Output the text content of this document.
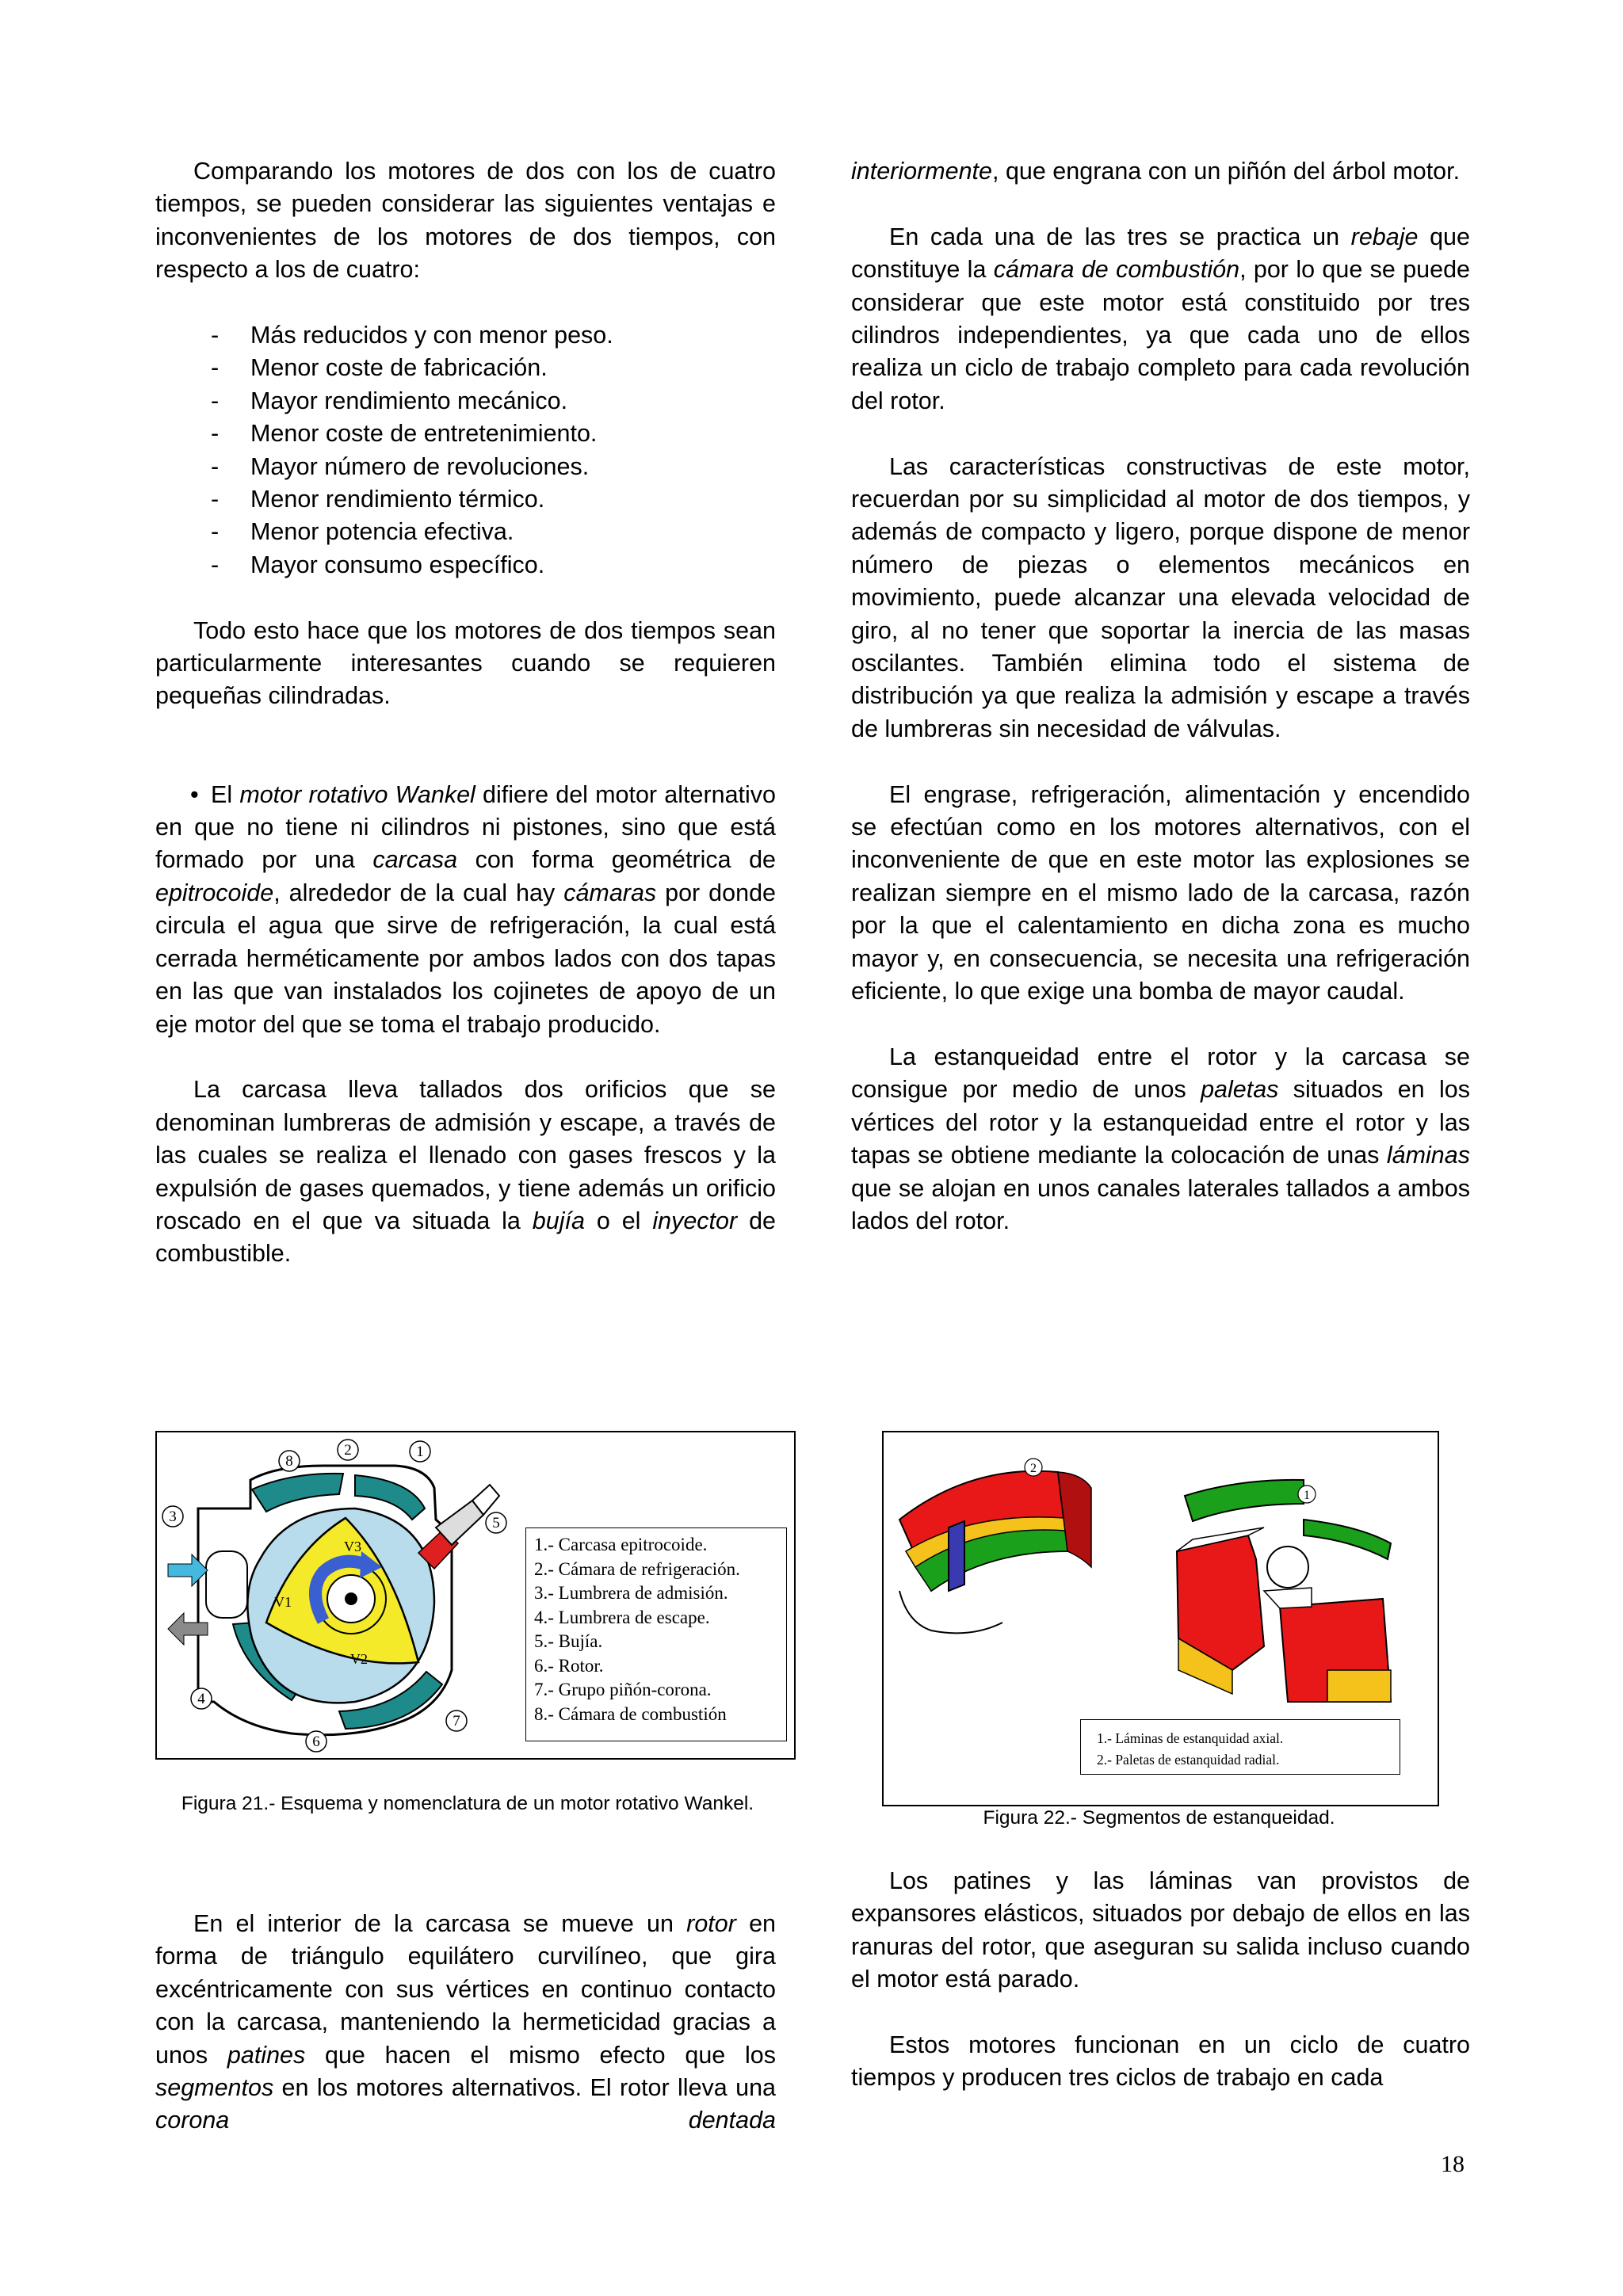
Comparando los motores de dos con los de cuatro tiempos, se pueden considerar las siguientes ventajas e inconvenientes de los motores de dos tiempos, con respecto a los de cuatro:

- Más reducidos y con menor peso.
- Menor coste de fabricación.
- Mayor rendimiento mecánico.
- Menor coste de entretenimiento.
- Mayor número de revoluciones.
- Menor rendimiento térmico.
- Menor potencia efectiva.
- Mayor consumo específico.

Todo esto hace que los motores de dos tiempos sean particularmente interesantes cuando se requieren pequeñas cilindradas.

• El motor rotativo Wankel difiere del motor alternativo en que no tiene ni cilindros ni pistones, sino que está formado por una carcasa con forma geométrica de epitrocoide, alrededor de la cual hay cámaras por donde circula el agua que sirve de refrigeración, la cual está cerrada herméticamente por ambos lados con dos tapas en las que van instalados los cojinetes de apoyo de un eje motor del que se toma el trabajo producido.

La carcasa lleva tallados dos orificios que se denominan lumbreras de admisión y escape, a través de las cuales se realiza el llenado con gases frescos y la expulsión de gases quemados, y tiene además un orificio roscado en el que va situada la bujía o el inyector de combustible.

En el interior de la carcasa se mueve un rotor en forma de triángulo equilátero curvilíneo, que gira excéntricamente con sus vértices en continuo contacto con la carcasa, manteniendo la hermeticidad gracias a unos patines que hacen el mismo efecto que los segmentos en los motores alternativos. El rotor lleva una corona dentada

interiormente, que engrana con un piñón del árbol motor.

En cada una de las tres se practica un rebaje que constituye la cámara de combustión, por lo que se puede considerar que este motor está constituido por tres cilindros independientes, ya que cada uno de ellos realiza un ciclo de trabajo completo para cada revolución del rotor.

Las características constructivas de este motor, recuerdan por su simplicidad al motor de dos tiempos, y además de compacto y ligero, porque dispone de menor número de piezas o elementos mecánicos en movimiento, puede alcanzar una elevada velocidad de giro, al no tener que soportar la inercia de las masas oscilantes. También elimina todo el sistema de distribución ya que realiza la admisión y escape a través de lumbreras sin necesidad de válvulas.

El engrase, refrigeración, alimentación y encendido se efectúan como en los motores alternativos, con el inconveniente de que en este motor las explosiones se realizan siempre en el mismo lado de la carcasa, razón por la que el calentamiento en dicha zona es mucho mayor y, en consecuencia, se necesita una refrigeración eficiente, lo que exige una bomba de mayor caudal.

La estanqueidad entre el rotor y la carcasa se consigue por medio de unos paletas situados en los vértices del rotor y la estanqueidad entre el rotor y las tapas se obtiene mediante la colocación de unas láminas que se alojan en unos canales laterales tallados a ambos lados del rotor.

Los patines y las láminas van provistos de expansores elásticos, situados por debajo de ellos en las ranuras del rotor, que aseguran su salida incluso cuando el motor está parado.

Estos motores funcionan en un ciclo de cuatro tiempos y producen tres ciclos de trabajo en cada

8
2	1
3	5
4
6
7
V3
V1
V2
1.- Carcasa epitrocoide.
2.- Cámara de refrigeración.
3.- Lumbrera de admisión.
4.- Lumbrera de escape.
5.- Bujía.
6.- Rotor.
7.- Grupo piñón-corona.
8.- Cámara de combustión
Figura 21.- Esquema y nomenclatura de un motor rotativo Wankel.
2
1
1.- Láminas de estanquidad axial.
2.- Paletas de estanquidad radial.
Figura 22.- Segmentos de estanqueidad.
18
